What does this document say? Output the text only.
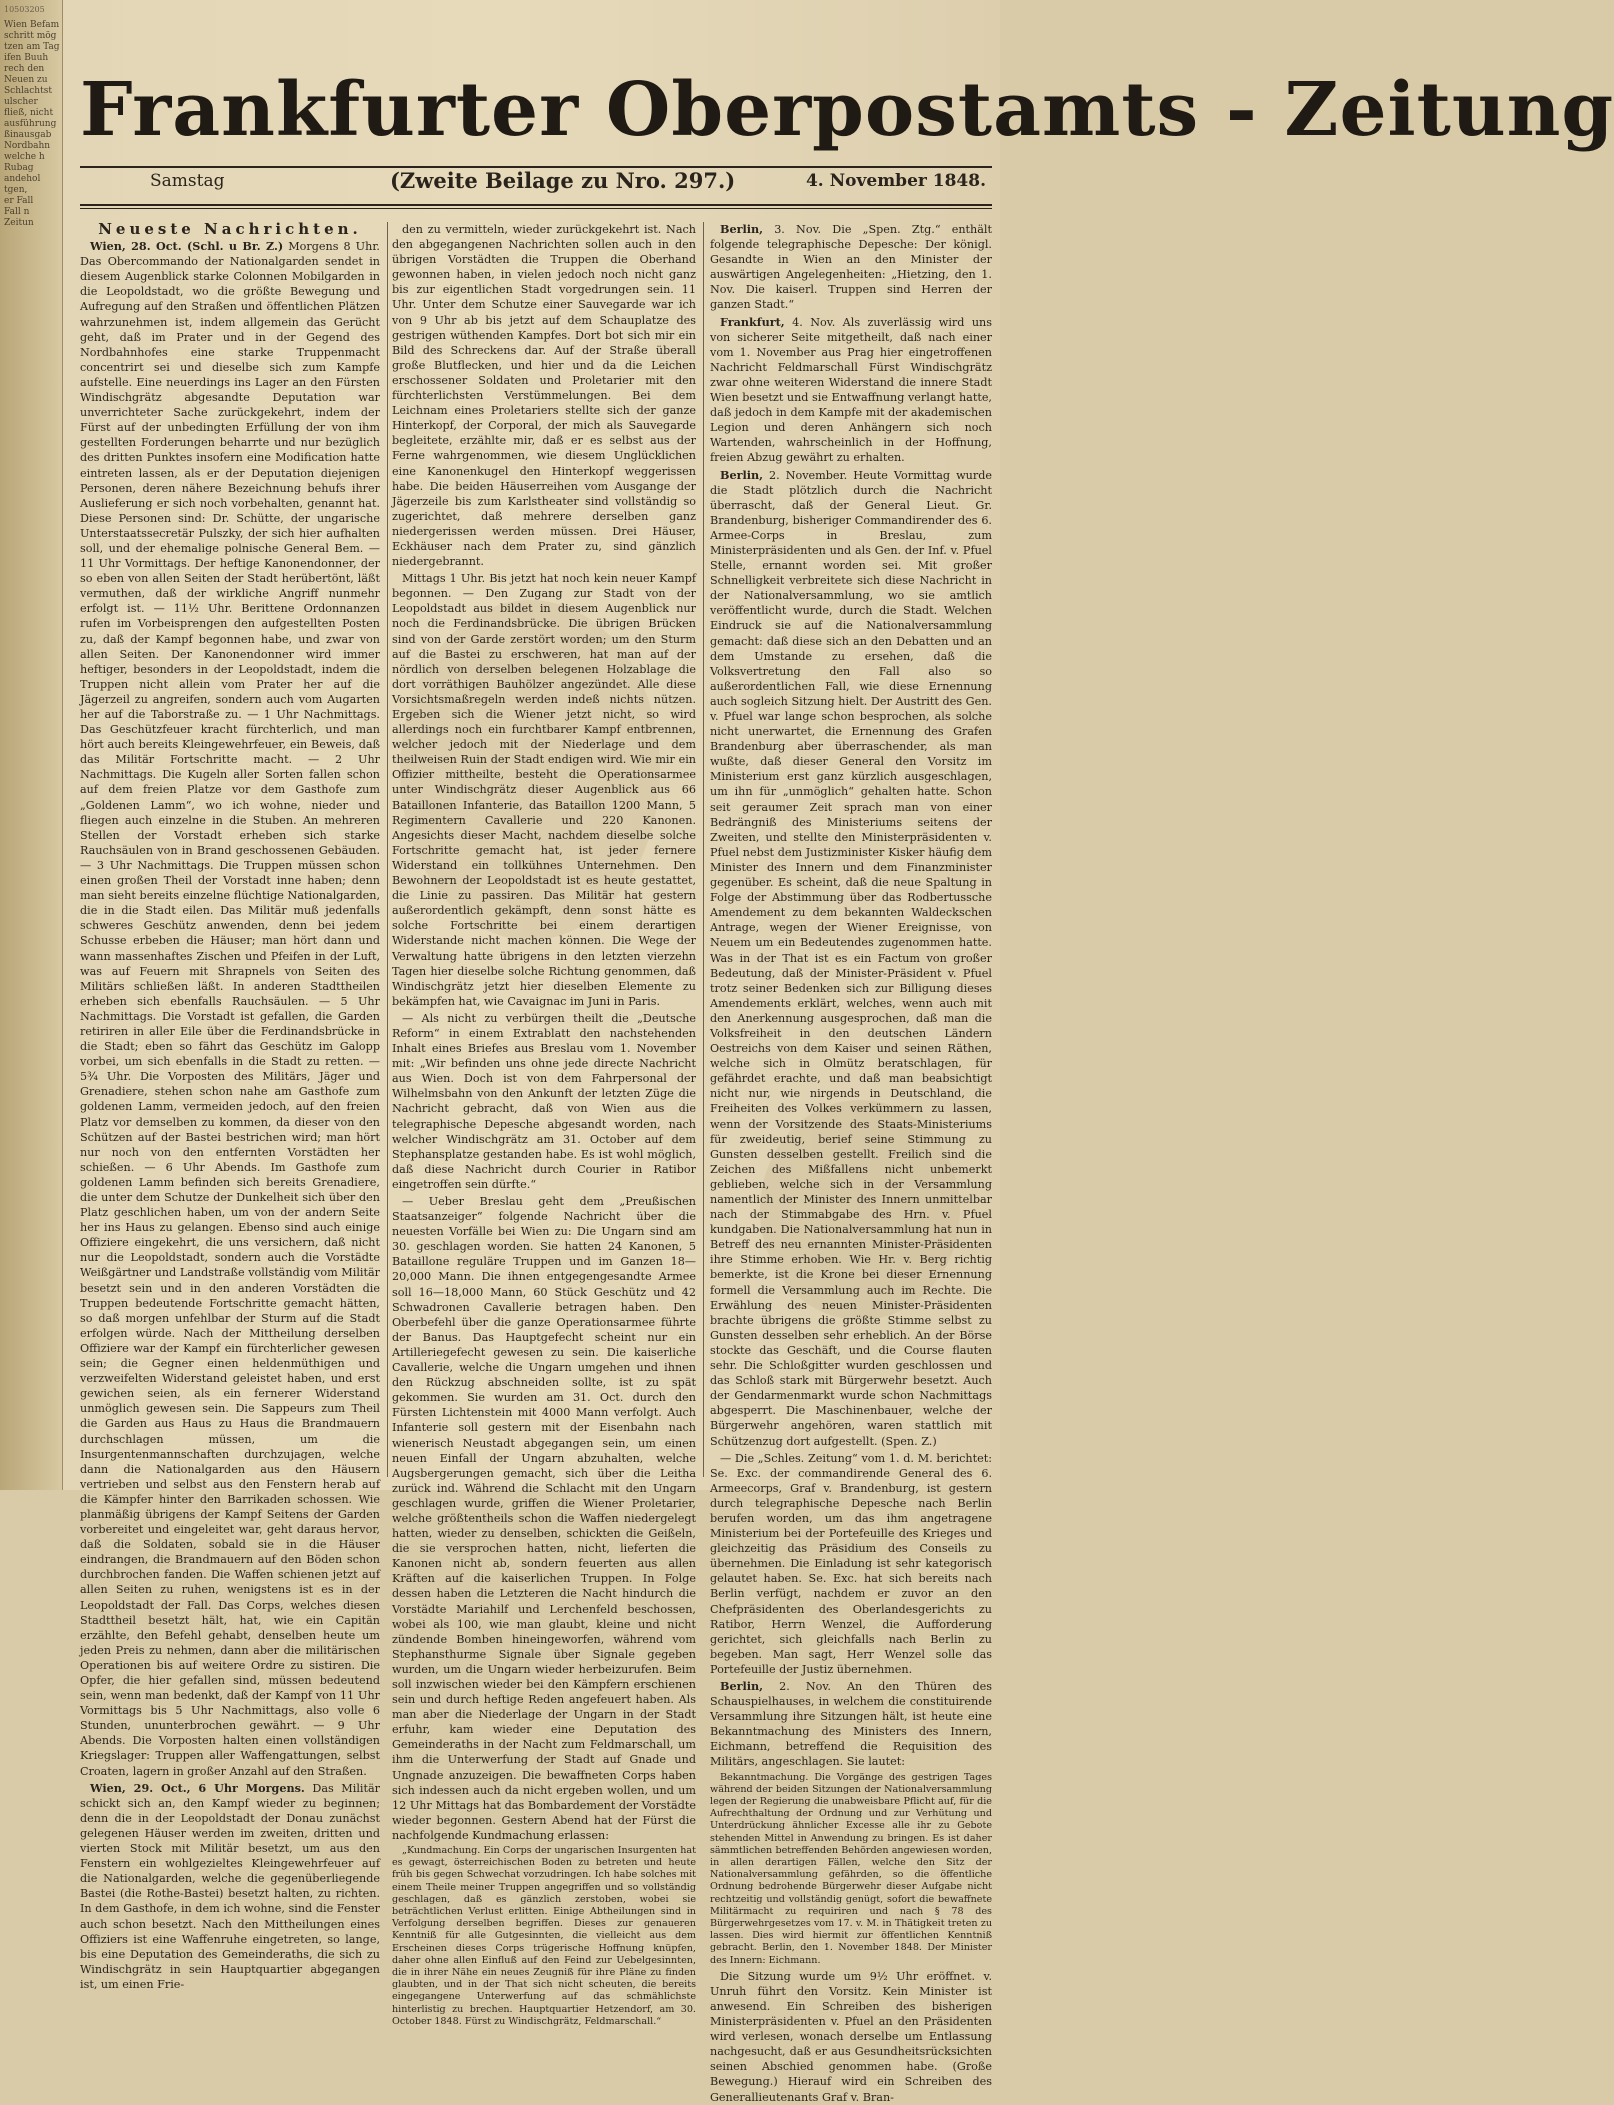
10503205
Wien Befam
schritt mög
tzen am Tag
ifen Buuh
rech den
Neuen zu
Schlachtst
ulscher
fließ, nicht
ausführung
ßinausgab
Nordbahn
welche h
Rubag
andehol
tgen,
er Fall
Fall n
Zeitun
Frankfurter Oberpostamts - Zeitung
Samstag	(Zweite Beilage zu Nro. 297.)	4. November 1848.

Neueste Nachrichten.

Wien, 28. Oct. (Schl. u Br. Z.) Morgens 8 Uhr. Das Obercommando der Nationalgarden sendet in diesem Augenblick starke Colonnen Mobilgarden in die Leopoldstadt, wo die größte Bewegung und Aufregung auf den Straßen und öffentlichen Plätzen wahrzunehmen ist, indem allgemein das Gerücht geht, daß im Prater und in der Gegend des Nordbahnhofes eine starke Truppenmacht concentrirt sei und dieselbe sich zum Kampfe aufstelle. Eine neuerdings ins Lager an den Fürsten Windischgrätz abgesandte Deputation war unverrichteter Sache zurückgekehrt, indem der Fürst auf der unbedingten Erfüllung der von ihm gestellten Forderungen beharrte und nur bezüglich des dritten Punktes insofern eine Modification hatte eintreten lassen, als er der Deputation diejenigen Personen, deren nähere Bezeichnung behufs ihrer Auslieferung er sich noch vorbehalten, genannt hat. Diese Personen sind: Dr. Schütte, der ungarische Unterstaatssecretär Pulszky, der sich hier aufhalten soll, und der ehemalige polnische General Bem. — 11 Uhr Vormittags. Der heftige Kanonendonner, der so eben von allen Seiten der Stadt herübertönt, läßt vermuthen, daß der wirkliche Angriff nunmehr erfolgt ist. — 11½ Uhr. Berittene Ordonnanzen rufen im Vorbeisprengen den aufgestellten Posten zu, daß der Kampf begonnen habe, und zwar von allen Seiten. Der Kanonendonner wird immer heftiger, besonders in der Leopoldstadt, indem die Truppen nicht allein vom Prater her auf die Jägerzeil zu angreifen, sondern auch vom Augarten her auf die Taborstraße zu. — 1 Uhr Nachmittags. Das Geschützfeuer kracht fürchterlich, und man hört auch bereits Kleingewehrfeuer, ein Beweis, daß das Militär Fortschritte macht. — 2 Uhr Nachmittags. Die Kugeln aller Sorten fallen schon auf dem freien Platze vor dem Gasthofe zum „Goldenen Lamm“, wo ich wohne, nieder und fliegen auch einzelne in die Stuben. An mehreren Stellen der Vorstadt erheben sich starke Rauchsäulen von in Brand geschossenen Gebäuden. — 3 Uhr Nachmittags. Die Truppen müssen schon einen großen Theil der Vorstadt inne haben; denn man sieht bereits einzelne flüchtige Nationalgarden, die in die Stadt eilen. Das Militär muß jedenfalls schweres Geschütz anwenden, denn bei jedem Schusse erbeben die Häuser; man hört dann und wann massenhaftes Zischen und Pfeifen in der Luft, was auf Feuern mit Shrapnels von Seiten des Militärs schließen läßt. In anderen Stadttheilen erheben sich ebenfalls Rauchsäulen. — 5 Uhr Nachmittags. Die Vorstadt ist gefallen, die Garden retiriren in aller Eile über die Ferdinandsbrücke in die Stadt; eben so fährt das Geschütz im Galopp vorbei, um sich ebenfalls in die Stadt zu retten. — 5¾ Uhr. Die Vorposten des Militärs, Jäger und Grenadiere, stehen schon nahe am Gasthofe zum goldenen Lamm, vermeiden jedoch, auf den freien Platz vor demselben zu kommen, da dieser von den Schützen auf der Bastei bestrichen wird; man hört nur noch von den entfernten Vorstädten her schießen. — 6 Uhr Abends. Im Gasthofe zum goldenen Lamm befinden sich bereits Grenadiere, die unter dem Schutze der Dunkelheit sich über den Platz geschlichen haben, um von der andern Seite her ins Haus zu gelangen. Ebenso sind auch einige Offiziere eingekehrt, die uns versichern, daß nicht nur die Leopoldstadt, sondern auch die Vorstädte Weißgärtner und Landstraße vollständig vom Militär besetzt sein und in den anderen Vorstädten die Truppen bedeutende Fortschritte gemacht hätten, so daß morgen unfehlbar der Sturm auf die Stadt erfolgen würde. Nach der Mittheilung derselben Offiziere war der Kampf ein fürchterlicher gewesen sein; die Gegner einen heldenmüthigen und verzweifelten Widerstand geleistet haben, und erst gewichen seien, als ein fernerer Widerstand unmöglich gewesen sein. Die Sappeurs zum Theil die Garden aus Haus zu Haus die Brandmauern durchschlagen müssen, um die Insurgentenmannschaften durchzujagen, welche dann die Nationalgarden aus den Häusern vertrieben und selbst aus den Fenstern herab auf die Kämpfer hinter den Barrikaden schossen. Wie planmäßig übrigens der Kampf Seitens der Garden vorbereitet und eingeleitet war, geht daraus hervor, daß die Soldaten, sobald sie in die Häuser eindrangen, die Brandmauern auf den Böden schon durchbrochen fanden. Die Waffen schienen jetzt auf allen Seiten zu ruhen, wenigstens ist es in der Leopoldstadt der Fall. Das Corps, welches diesen Stadttheil besetzt hält, hat, wie ein Capitän erzählte, den Befehl gehabt, denselben heute um jeden Preis zu nehmen, dann aber die militärischen Operationen bis auf weitere Ordre zu sistiren. Die Opfer, die hier gefallen sind, müssen bedeutend sein, wenn man bedenkt, daß der Kampf von 11 Uhr Vormittags bis 5 Uhr Nachmittags, also volle 6 Stunden, ununterbrochen gewährt. — 9 Uhr Abends. Die Vorposten halten einen vollständigen Kriegslager: Truppen aller Waffengattungen, selbst Croaten, lagern in großer Anzahl auf den Straßen.

Wien, 29. Oct., 6 Uhr Morgens. Das Militär schickt sich an, den Kampf wieder zu beginnen; denn die in der Leopoldstadt der Donau zunächst gelegenen Häuser werden im zweiten, dritten und vierten Stock mit Militär besetzt, um aus den Fenstern ein wohlgezieltes Kleingewehrfeuer auf die Nationalgarden, welche die gegenüberliegende Bastei (die Rothe-Bastei) besetzt halten, zu richten. In dem Gasthofe, in dem ich wohne, sind die Fenster auch schon besetzt. Nach den Mittheilungen eines Offiziers ist eine Waffenruhe eingetreten, so lange, bis eine Deputation des Gemeinderaths, die sich zu Windischgrätz in sein Hauptquartier abgegangen ist, um einen Frie-

den zu vermitteln, wieder zurückgekehrt ist. Nach den abgegangenen Nachrichten sollen auch in den übrigen Vorstädten die Truppen die Oberhand gewonnen haben, in vielen jedoch noch nicht ganz bis zur eigentlichen Stadt vorgedrungen sein. 11 Uhr. Unter dem Schutze einer Sauvegarde war ich von 9 Uhr ab bis jetzt auf dem Schauplatze des gestrigen wüthenden Kampfes. Dort bot sich mir ein Bild des Schreckens dar. Auf der Straße überall große Blutflecken, und hier und da die Leichen erschossener Soldaten und Proletarier mit den fürchterlichsten Verstümmelungen. Bei dem Leichnam eines Proletariers stellte sich der ganze Hinterkopf, der Corporal, der mich als Sauvegarde begleitete, erzählte mir, daß er es selbst aus der Ferne wahrgenommen, wie diesem Unglücklichen eine Kanonenkugel den Hinterkopf weggerissen habe. Die beiden Häuserreihen vom Ausgange der Jägerzeile bis zum Karlstheater sind vollständig so zugerichtet, daß mehrere derselben ganz niedergerissen werden müssen. Drei Häuser, Eckhäuser nach dem Prater zu, sind gänzlich niedergebrannt.

Mittags 1 Uhr. Bis jetzt hat noch kein neuer Kampf begonnen. — Den Zugang zur Stadt von der Leopoldstadt aus bildet in diesem Augenblick nur noch die Ferdinandsbrücke. Die übrigen Brücken sind von der Garde zerstört worden; um den Sturm auf die Bastei zu erschweren, hat man auf der nördlich von derselben belegenen Holzablage die dort vorräthigen Bauhölzer angezündet. Alle diese Vorsichtsmaßregeln werden indeß nichts nützen. Ergeben sich die Wiener jetzt nicht, so wird allerdings noch ein furchtbarer Kampf entbrennen, welcher jedoch mit der Niederlage und dem theilweisen Ruin der Stadt endigen wird. Wie mir ein Offizier mittheilte, besteht die Operationsarmee unter Windischgrätz dieser Augenblick aus 66 Bataillonen Infanterie, das Bataillon 1200 Mann, 5 Regimentern Cavallerie und 220 Kanonen. Angesichts dieser Macht, nachdem dieselbe solche Fortschritte gemacht hat, ist jeder fernere Widerstand ein tollkühnes Unternehmen. Den Bewohnern der Leopoldstadt ist es heute gestattet, die Linie zu passiren. Das Militär hat gestern außerordentlich gekämpft, denn sonst hätte es solche Fortschritte bei einem derartigen Widerstande nicht machen können. Die Wege der Verwaltung hatte übrigens in den letzten vierzehn Tagen hier dieselbe solche Richtung genommen, daß Windischgrätz jetzt hier dieselben Elemente zu bekämpfen hat, wie Cavaignac im Juni in Paris.

— Als nicht zu verbürgen theilt die „Deutsche Reform“ in einem Extrablatt den nachstehenden Inhalt eines Briefes aus Breslau vom 1. November mit: „Wir befinden uns ohne jede directe Nachricht aus Wien. Doch ist von dem Fahrpersonal der Wilhelmsbahn von den Ankunft der letzten Züge die Nachricht gebracht, daß von Wien aus die telegraphische Depesche abgesandt worden, nach welcher Windischgrätz am 31. October auf dem Stephansplatze gestanden habe. Es ist wohl möglich, daß diese Nachricht durch Courier in Ratibor eingetroffen sein dürfte.“

— Ueber Breslau geht dem „Preußischen Staatsanzeiger“ folgende Nachricht über die neuesten Vorfälle bei Wien zu: Die Ungarn sind am 30. geschlagen worden. Sie hatten 24 Kanonen, 5 Bataillone reguläre Truppen und im Ganzen 18—20,000 Mann. Die ihnen entgegengesandte Armee soll 16—18,000 Mann, 60 Stück Geschütz und 42 Schwadronen Cavallerie betragen haben. Den Oberbefehl über die ganze Operationsarmee führte der Banus. Das Hauptgefecht scheint nur ein Artilleriegefecht gewesen zu sein. Die kaiserliche Cavallerie, welche die Ungarn umgehen und ihnen den Rückzug abschneiden sollte, ist zu spät gekommen. Sie wurden am 31. Oct. durch den Fürsten Lichtenstein mit 4000 Mann verfolgt. Auch Infanterie soll gestern mit der Eisenbahn nach wienerisch Neustadt abgegangen sein, um einen neuen Einfall der Ungarn abzuhalten, welche Augsbergerungen gemacht, sich über die Leitha zurück ind. Während die Schlacht mit den Ungarn geschlagen wurde, griffen die Wiener Proletarier, welche größtentheils schon die Waffen niedergelegt hatten, wieder zu denselben, schickten die Geißeln, die sie versprochen hatten, nicht, lieferten die Kanonen nicht ab, sondern feuerten aus allen Kräften auf die kaiserlichen Truppen. In Folge dessen haben die Letzteren die Nacht hindurch die Vorstädte Mariahilf und Lerchenfeld beschossen, wobei als 100, wie man glaubt, kleine und nicht zündende Bomben hineingeworfen, während vom Stephansthurme Signale über Signale gegeben wurden, um die Ungarn wieder herbeizurufen. Beim soll inzwischen wieder bei den Kämpfern erschienen sein und durch heftige Reden angefeuert haben. Als man aber die Niederlage der Ungarn in der Stadt erfuhr, kam wieder eine Deputation des Gemeinderaths in der Nacht zum Feldmarschall, um ihm die Unterwerfung der Stadt auf Gnade und Ungnade anzuzeigen. Die bewaffneten Corps haben sich indessen auch da nicht ergeben wollen, und um 12 Uhr Mittags hat das Bombardement der Vorstädte wieder begonnen. Gestern Abend hat der Fürst die nachfolgende Kundmachung erlassen:

„Kundmachung. Ein Corps der ungarischen Insurgenten hat es gewagt, österreichischen Boden zu betreten und heute früh bis gegen Schwechat vorzudringen. Ich habe solches mit einem Theile meiner Truppen angegriffen und so vollständig geschlagen, daß es gänzlich zerstoben, wobei sie beträchtlichen Verlust erlitten. Einige Abtheilungen sind in Verfolgung derselben begriffen. Dieses zur genaueren Kenntniß für alle Gutgesinnten, die vielleicht aus dem Erscheinen dieses Corps trügerische Hoffnung knüpfen, daher ohne allen Einfluß auf den Feind zur Uebelgesinnten, die in ihrer Nähe ein neues Zeugniß für ihre Pläne zu finden glaubten, und in der That sich nicht scheuten, die bereits eingegangene Unterwerfung auf das schmählichste hinterlistig zu brechen. Hauptquartier Hetzendorf, am 30. October 1848. Fürst zu Windischgrätz, Feldmarschall.“

Berlin, 3. Nov. Die „Spen. Ztg.“ enthält folgende telegraphische Depesche: Der königl. Gesandte in Wien an den Minister der auswärtigen Angelegenheiten: „Hietzing, den 1. Nov. Die kaiserl. Truppen sind Herren der ganzen Stadt.“

Frankfurt, 4. Nov. Als zuverlässig wird uns von sicherer Seite mitgetheilt, daß nach einer vom 1. November aus Prag hier eingetroffenen Nachricht Feldmarschall Fürst Windischgrätz zwar ohne weiteren Widerstand die innere Stadt Wien besetzt und sie Entwaffnung verlangt hatte, daß jedoch in dem Kampfe mit der akademischen Legion und deren Anhängern sich noch Wartenden, wahrscheinlich in der Hoffnung, freien Abzug gewährt zu erhalten.

Berlin, 2. November. Heute Vormittag wurde die Stadt plötzlich durch die Nachricht überrascht, daß der General Lieut. Gr. Brandenburg, bisheriger Commandirender des 6. Armee-Corps in Breslau, zum Ministerpräsidenten und als Gen. der Inf. v. Pfuel Stelle, ernannt worden sei. Mit großer Schnelligkeit verbreitete sich diese Nachricht in der Nationalversammlung, wo sie amtlich veröffentlicht wurde, durch die Stadt. Welchen Eindruck sie auf die Nationalversammlung gemacht: daß diese sich an den Debatten und an dem Umstande zu ersehen, daß die Volksvertretung den Fall also so außerordentlichen Fall, wie diese Ernennung auch sogleich Sitzung hielt. Der Austritt des Gen. v. Pfuel war lange schon besprochen, als solche nicht unerwartet, die Ernennung des Grafen Brandenburg aber überraschender, als man wußte, daß dieser General den Vorsitz im Ministerium erst ganz kürzlich ausgeschlagen, um ihn für „unmöglich“ gehalten hatte. Schon seit geraumer Zeit sprach man von einer Bedrängniß des Ministeriums seitens der Zweiten, und stellte den Ministerpräsidenten v. Pfuel nebst dem Justizminister Kisker häufig dem Minister des Innern und dem Finanzminister gegenüber. Es scheint, daß die neue Spaltung in Folge der Abstimmung über das Rodbertussche Amendement zu dem bekannten Waldeckschen Antrage, wegen der Wiener Ereignisse, von Neuem um ein Bedeutendes zugenommen hatte. Was in der That ist es ein Factum von großer Bedeutung, daß der Minister-Präsident v. Pfuel trotz seiner Bedenken sich zur Billigung dieses Amendements erklärt, welches, wenn auch mit den Anerkennung ausgesprochen, daß man die Volksfreiheit in den deutschen Ländern Oestreichs von dem Kaiser und seinen Räthen, welche sich in Olmütz beratschlagen, für gefährdet erachte, und daß man beabsichtigt nicht nur, wie nirgends in Deutschland, die Freiheiten des Volkes verkümmern zu lassen, wenn der Vorsitzende des Staats-Ministeriums für zweideutig, berief seine Stimmung zu Gunsten desselben gestellt. Freilich sind die Zeichen des Mißfallens nicht unbemerkt geblieben, welche sich in der Versammlung namentlich der Minister des Innern unmittelbar nach der Stimmabgabe des Hrn. v. Pfuel kundgaben. Die Nationalversammlung hat nun in Betreff des neu ernannten Minister-Präsidenten ihre Stimme erhoben. Wie Hr. v. Berg richtig bemerkte, ist die Krone bei dieser Ernennung formell die Versammlung auch im Rechte. Die Erwählung des neuen Minister-Präsidenten brachte übrigens die größte Stimme selbst zu Gunsten desselben sehr erheblich. An der Börse stockte das Geschäft, und die Course flauten sehr. Die Schloßgitter wurden geschlossen und das Schloß stark mit Bürgerwehr besetzt. Auch der Gendarmenmarkt wurde schon Nachmittags abgesperrt. Die Maschinenbauer, welche der Bürgerwehr angehören, waren stattlich mit Schützenzug dort aufgestellt. (Spen. Z.)

— Die „Schles. Zeitung“ vom 1. d. M. berichtet: Se. Exc. der commandirende General des 6. Armeecorps, Graf v. Brandenburg, ist gestern durch telegraphische Depesche nach Berlin berufen worden, um das ihm angetragene Ministerium bei der Portefeuille des Krieges und gleichzeitig das Präsidium des Conseils zu übernehmen. Die Einladung ist sehr kategorisch gelautet haben. Se. Exc. hat sich bereits nach Berlin verfügt, nachdem er zuvor an den Chefpräsidenten des Oberlandesgerichts zu Ratibor, Herrn Wenzel, die Aufforderung gerichtet, sich gleichfalls nach Berlin zu begeben. Man sagt, Herr Wenzel solle das Portefeuille der Justiz übernehmen.

Berlin, 2. Nov. An den Thüren des Schauspielhauses, in welchem die constituirende Versammlung ihre Sitzungen hält, ist heute eine Bekanntmachung des Ministers des Innern, Eichmann, betreffend die Requisition des Militärs, angeschlagen. Sie lautet:

Bekanntmachung. Die Vorgänge des gestrigen Tages während der beiden Sitzungen der Nationalversammlung legen der Regierung die unabweisbare Pflicht auf, für die Aufrechthaltung der Ordnung und zur Verhütung und Unterdrückung ähnlicher Excesse alle ihr zu Gebote stehenden Mittel in Anwendung zu bringen. Es ist daher sämmtlichen betreffenden Behörden angewiesen worden, in allen derartigen Fällen, welche den Sitz der Nationalversammlung gefährden, so die öffentliche Ordnung bedrohende Bürgerwehr dieser Aufgabe nicht rechtzeitig und vollständig genügt, sofort die bewaffnete Militärmacht zu requiriren und nach § 78 des Bürgerwehrgesetzes vom 17. v. M. in Thätigkeit treten zu lassen. Dies wird hiermit zur öffentlichen Kenntniß gebracht. Berlin, den 1. November 1848. Der Minister des Innern: Eichmann.

Die Sitzung wurde um 9½ Uhr eröffnet. v. Unruh führt den Vorsitz. Kein Minister ist anwesend. Ein Schreiben des bisherigen Ministerpräsidenten v. Pfuel an den Präsidenten wird verlesen, wonach derselbe um Entlassung nachgesucht, daß er aus Gesundheitsrücksichten seinen Abschied genommen habe. (Große Bewegung.) Hierauf wird ein Schreiben des Generallieutenants Graf v. Bran-
